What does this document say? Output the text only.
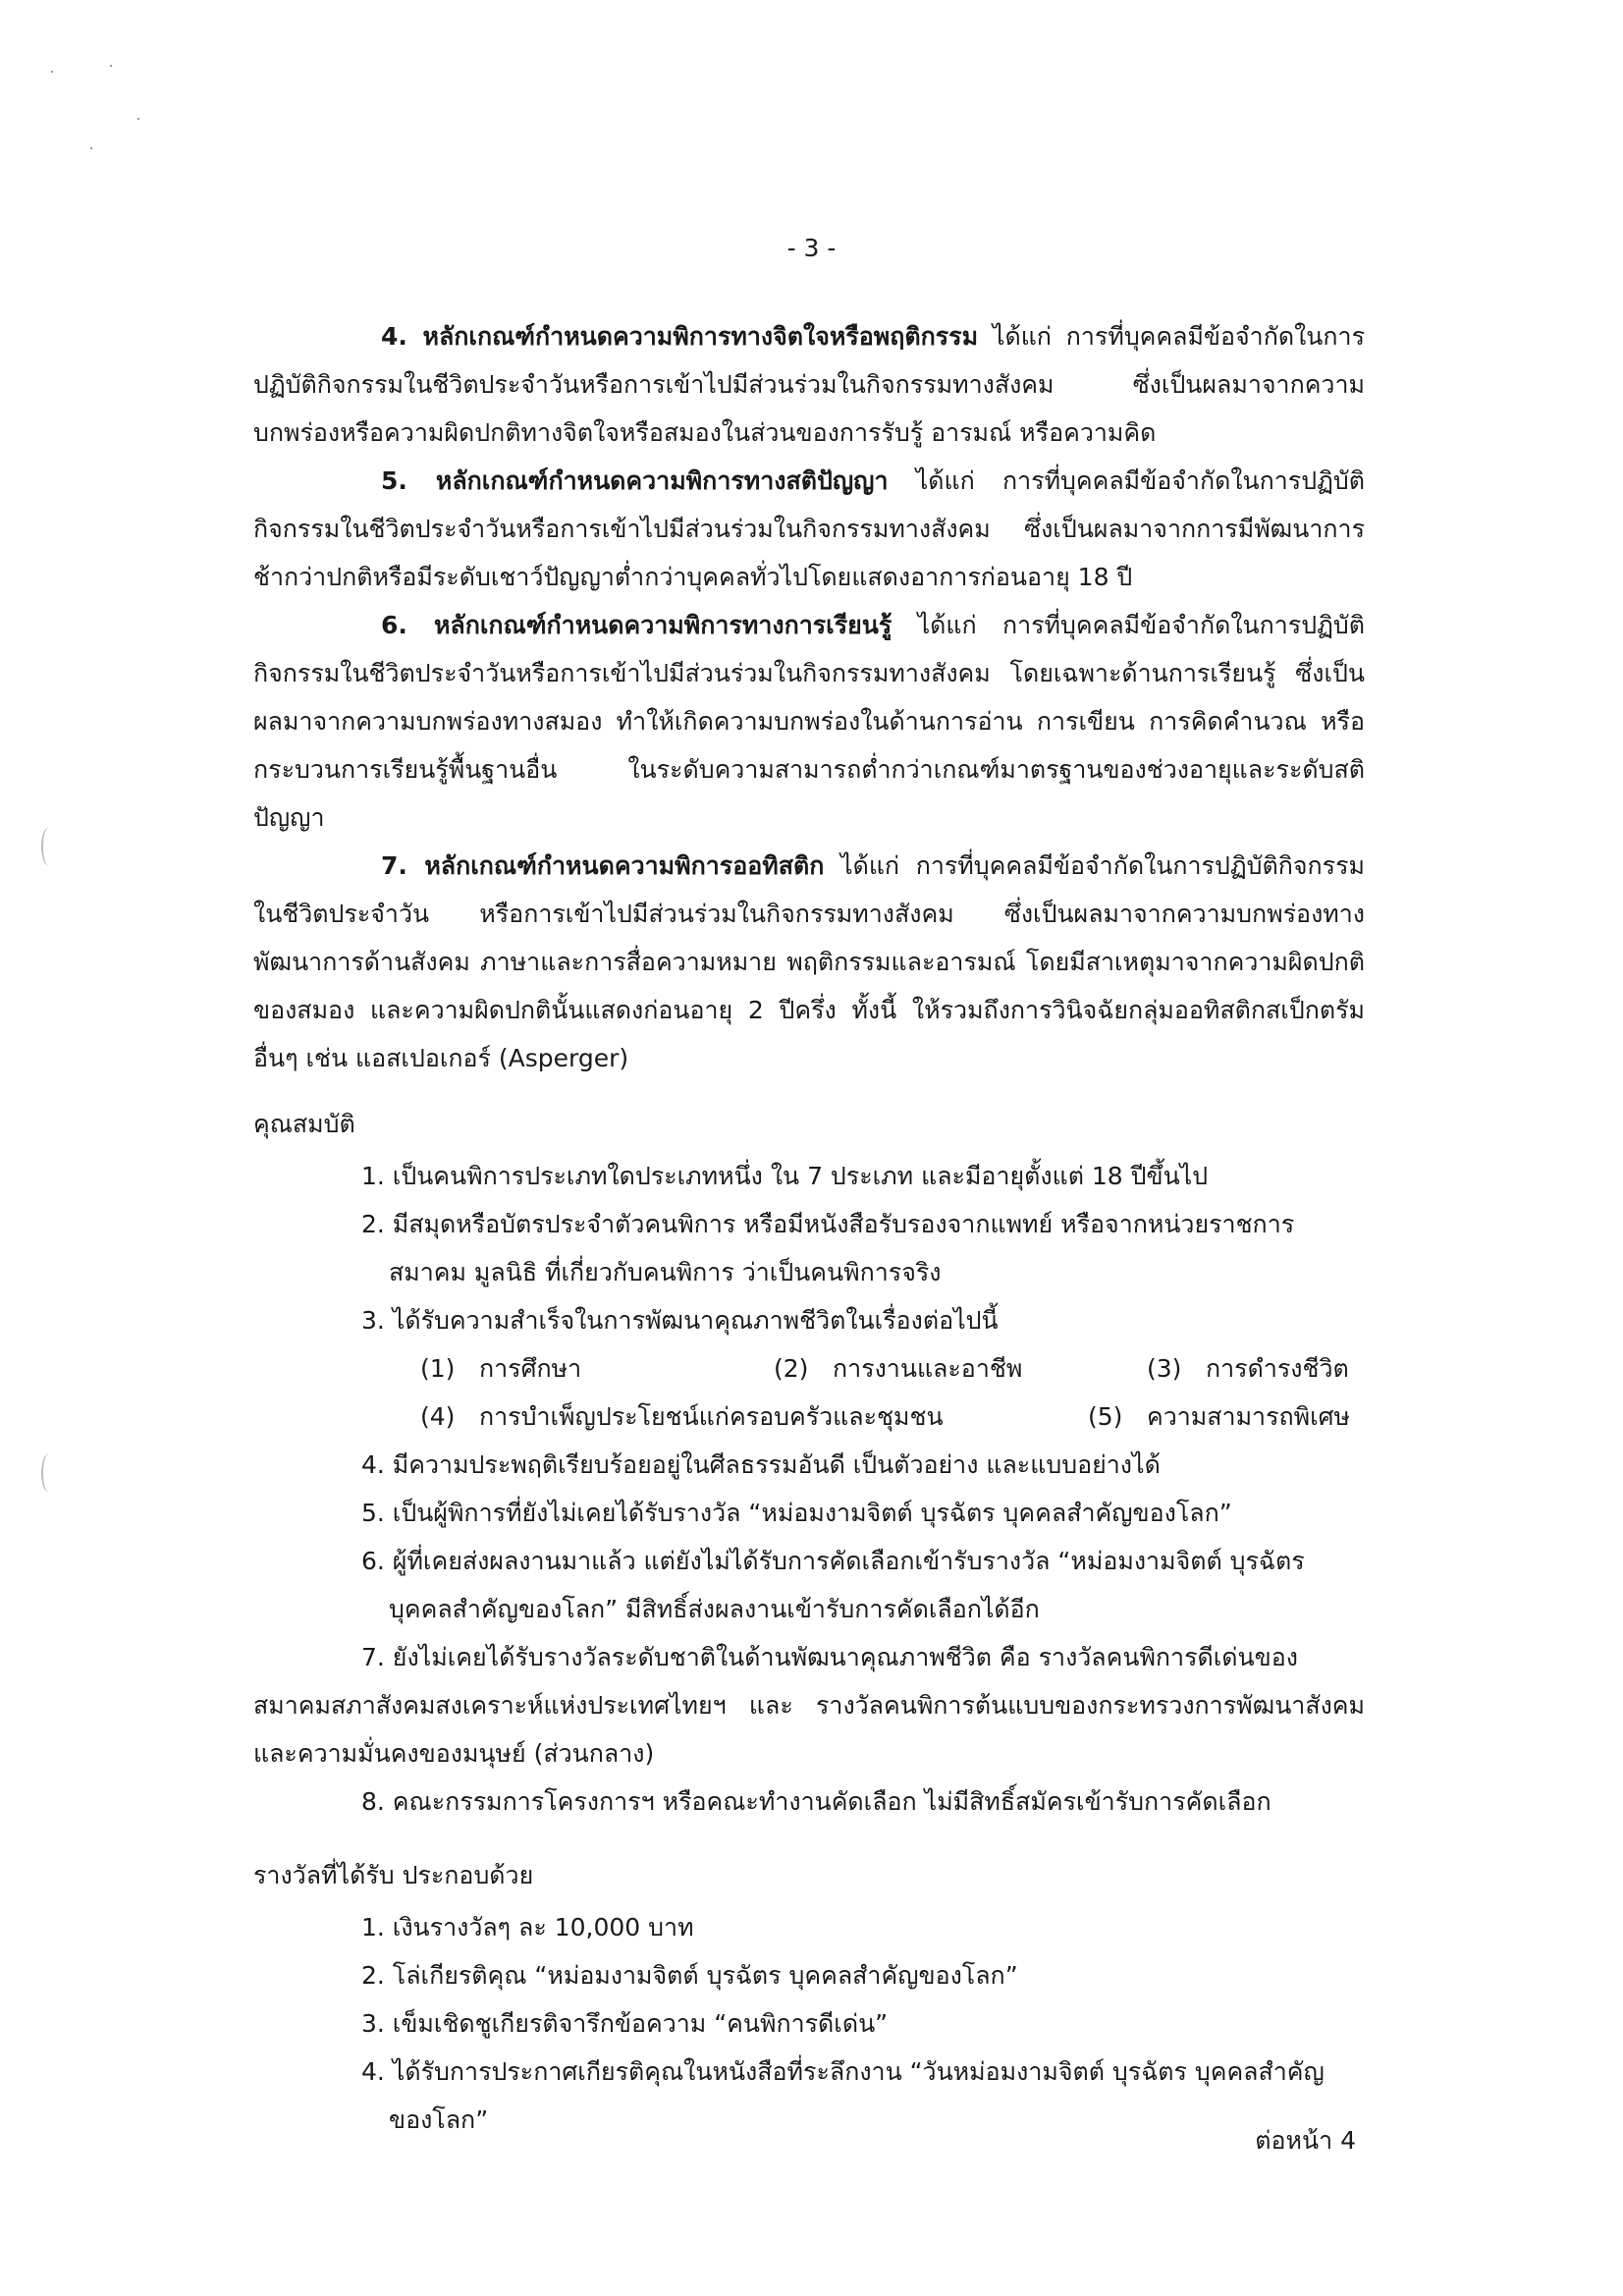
- 3 -

4. หลักเกณฑ์กำหนดความพิการทางจิตใจหรือพฤติกรรม ได้แก่ การที่บุคคลมีข้อจำกัดในการปฏิบัติกิจกรรมในชีวิตประจำวันหรือการเข้าไปมีส่วนร่วมในกิจกรรมทางสังคม ซึ่งเป็นผลมาจากความบกพร่องหรือความผิดปกติทางจิตใจหรือสมองในส่วนของการรับรู้ อารมณ์ หรือความคิด

5. หลักเกณฑ์กำหนดความพิการทางสติปัญญา ได้แก่ การที่บุคคลมีข้อจำกัดในการปฏิบัติกิจกรรมในชีวิตประจำวันหรือการเข้าไปมีส่วนร่วมในกิจกรรมทางสังคม ซึ่งเป็นผลมาจากการมีพัฒนาการช้ากว่าปกติหรือมีระดับเชาว์ปัญญาต่ำกว่าบุคคลทั่วไปโดยแสดงอาการก่อนอายุ 18 ปี

6. หลักเกณฑ์กำหนดความพิการทางการเรียนรู้ ได้แก่ การที่บุคคลมีข้อจำกัดในการปฏิบัติกิจกรรมในชีวิตประจำวันหรือการเข้าไปมีส่วนร่วมในกิจกรรมทางสังคม โดยเฉพาะด้านการเรียนรู้ ซึ่งเป็นผลมาจากความบกพร่องทางสมอง ทำให้เกิดความบกพร่องในด้านการอ่าน การเขียน การคิดคำนวณ หรือกระบวนการเรียนรู้พื้นฐานอื่น ในระดับความสามารถต่ำกว่าเกณฑ์มาตรฐานของช่วงอายุและระดับสติปัญญา

7. หลักเกณฑ์กำหนดความพิการออทิสติก ได้แก่ การที่บุคคลมีข้อจำกัดในการปฏิบัติกิจกรรมในชีวิตประจำวัน หรือการเข้าไปมีส่วนร่วมในกิจกรรมทางสังคม ซึ่งเป็นผลมาจากความบกพร่องทางพัฒนาการด้านสังคม ภาษาและการสื่อความหมาย พฤติกรรมและอารมณ์ โดยมีสาเหตุมาจากความผิดปกติของสมอง และความผิดปกตินั้นแสดงก่อนอายุ 2 ปีครึ่ง ทั้งนี้ ให้รวมถึงการวินิจฉัยกลุ่มออทิสติกสเป็กตรัมอื่นๆ เช่น แอสเปอเกอร์ (Asperger)

คุณสมบัติ

1. เป็นคนพิการประเภทใดประเภทหนึ่ง ใน 7 ประเภท และมีอายุตั้งแต่ 18 ปีขึ้นไป

2. มีสมุดหรือบัตรประจำตัวคนพิการ หรือมีหนังสือรับรองจากแพทย์ หรือจากหน่วยราชการ
สมาคม มูลนิธิ ที่เกี่ยวกับคนพิการ ว่าเป็นคนพิการจริง

3. ได้รับความสำเร็จในการพัฒนาคุณภาพชีวิตในเรื่องต่อไปนี้

(1) การศึกษา	(2) การงานและอาชีพ	(3) การดำรงชีวิต
(4) การบำเพ็ญประโยชน์แก่ครอบครัวและชุมชน	(5) ความสามารถพิเศษ

4. มีความประพฤติเรียบร้อยอยู่ในศีลธรรมอันดี เป็นตัวอย่าง และแบบอย่างได้

5. เป็นผู้พิการที่ยังไม่เคยได้รับรางวัล “หม่อมงามจิตต์ บุรฉัตร บุคคลสำคัญของโลก”

6. ผู้ที่เคยส่งผลงานมาแล้ว แต่ยังไม่ได้รับการคัดเลือกเข้ารับรางวัล “หม่อมงามจิตต์ บุรฉัตร
บุคคลสำคัญของโลก” มีสิทธิ์ส่งผลงานเข้ารับการคัดเลือกได้อีก

7. ยังไม่เคยได้รับรางวัลระดับชาติในด้านพัฒนาคุณภาพชีวิต คือ รางวัลคนพิการดีเด่นของ

สมาคมสภาสังคมสงเคราะห์แห่งประเทศไทยฯ และ รางวัลคนพิการต้นแบบของกระทรวงการพัฒนาสังคมและความมั่นคงของมนุษย์ (ส่วนกลาง)

8. คณะกรรมการโครงการฯ หรือคณะทำงานคัดเลือก ไม่มีสิทธิ์สมัครเข้ารับการคัดเลือก

รางวัลที่ได้รับ ประกอบด้วย

1. เงินรางวัลๆ ละ 10,000 บาท

2. โล่เกียรติคุณ “หม่อมงามจิตต์ บุรฉัตร บุคคลสำคัญของโลก”

3. เข็มเชิดชูเกียรติจารึกข้อความ “คนพิการดีเด่น”

4. ได้รับการประกาศเกียรติคุณในหนังสือที่ระลึกงาน “วันหม่อมงามจิตต์ บุรฉัตร บุคคลสำคัญ
ของโลก”

ต่อหน้า 4
